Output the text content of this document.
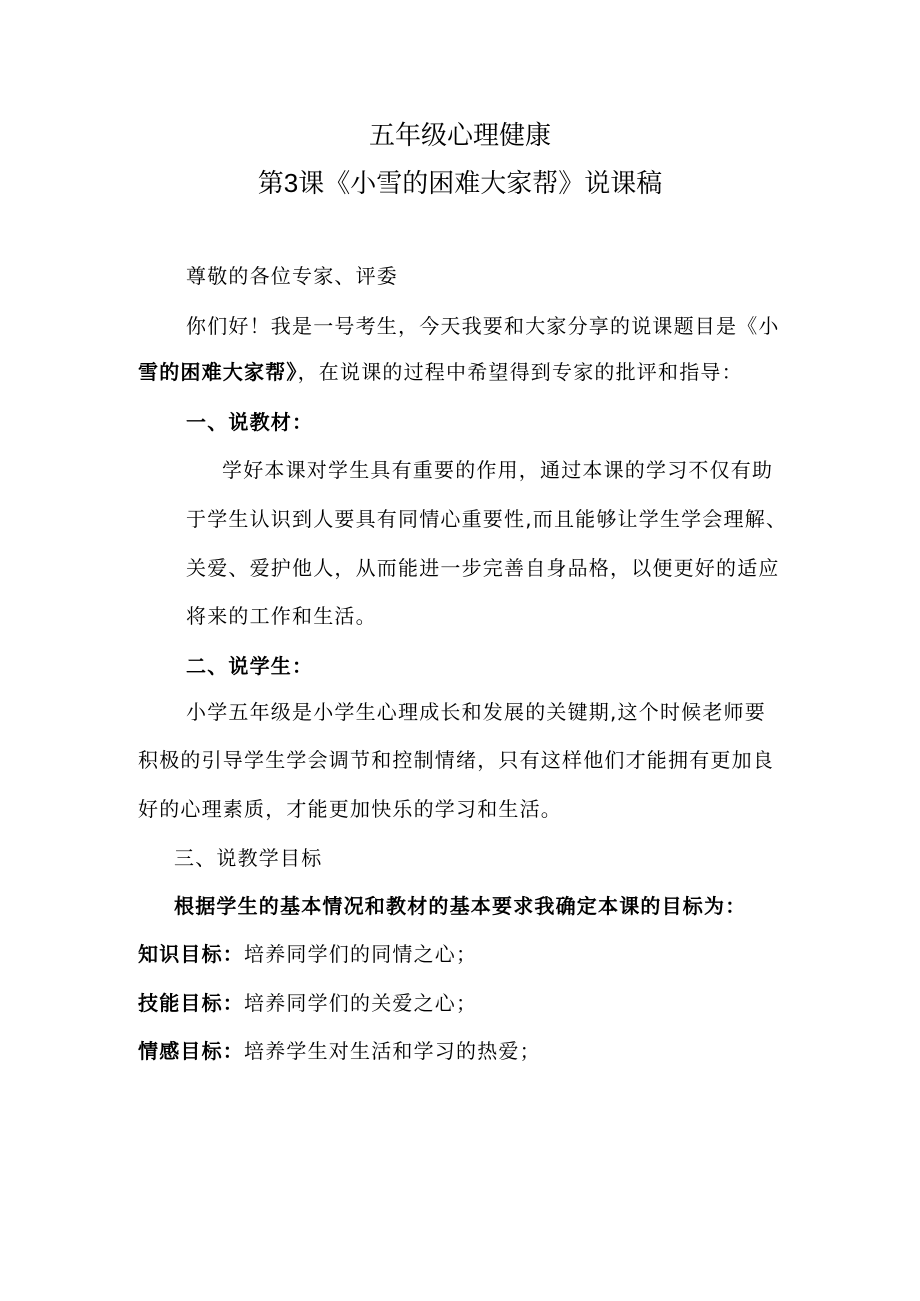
五年级心理健康
第3课《小雪的困难大家帮》说课稿
尊敬的各位专家、评委
你们好！我是一号考生，今天我要和大家分享的说课题目是《小
雪的困难大家帮》，在说课的过程中希望得到专家的批评和指导：
一、说教材：
学好本课对学生具有重要的作用，通过本课的学习不仅有助
于学生认识到人要具有同情心重要性,而且能够让学生学会理解、
关爱、爱护他人，从而能进一步完善自身品格，以便更好的适应
将来的工作和生活。
二、说学生：
小学五年级是小学生心理成长和发展的关键期,这个时候老师要
积极的引导学生学会调节和控制情绪，只有这样他们才能拥有更加良
好的心理素质，才能更加快乐的学习和生活。
三、说教学目标
根据学生的基本情况和教材的基本要求我确定本课的目标为：
知识目标：培养同学们的同情之心；
技能目标：培养同学们的关爱之心；
情感目标：培养学生对生活和学习的热爱；
